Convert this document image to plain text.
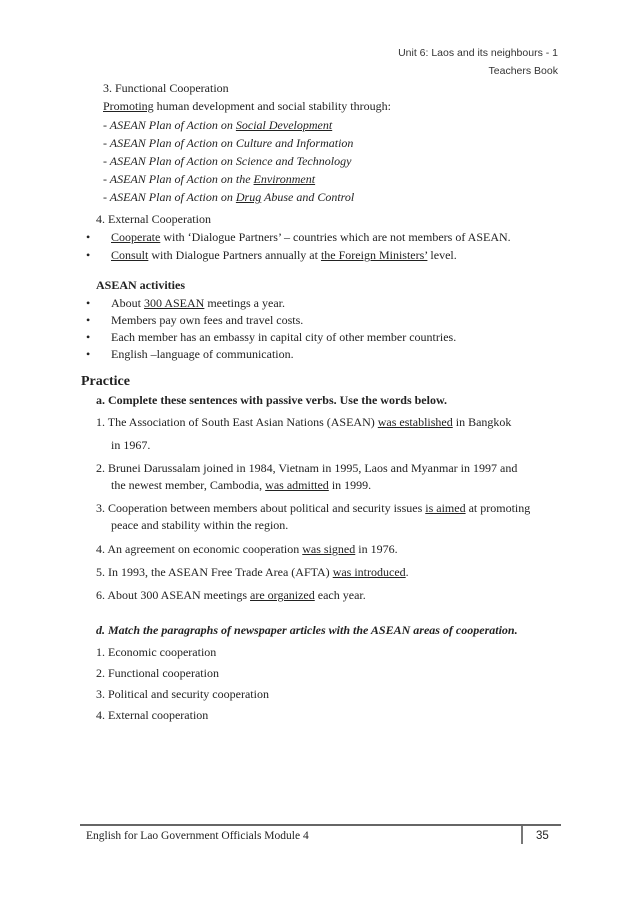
Unit 6: Laos and its neighbours - 1
Teachers Book
3. Functional Cooperation
Promoting human development and social stability through:
- ASEAN Plan of Action on Social Development
- ASEAN Plan of Action on Culture and Information
- ASEAN Plan of Action on Science and Technology
- ASEAN Plan of Action on the Environment
- ASEAN Plan of Action on Drug Abuse and Control
4. External Cooperation
• Cooperate with ‘Dialogue Partners’ – countries which are not members of ASEAN.
• Consult with Dialogue Partners annually at the Foreign Ministers’ level.
ASEAN activities
• About 300 ASEAN meetings a year.
• Members pay own fees and travel costs.
• Each member has an embassy in capital city of other member countries.
• English –language of communication.
Practice
a. Complete these sentences with passive verbs. Use the words below.
1. The Association of South East Asian Nations (ASEAN) was established in Bangkok
in 1967.
2. Brunei Darussalam joined in 1984, Vietnam in 1995, Laos and Myanmar in 1997 and
the newest member, Cambodia, was admitted in 1999.
3. Cooperation between members about political and security issues is aimed at promoting
peace and stability within the region.
4. An agreement on economic cooperation was signed in 1976.
5. In 1993, the ASEAN Free Trade Area (AFTA) was introduced.
6. About 300 ASEAN meetings are organized each year.
d. Match the paragraphs of newspaper articles with the ASEAN areas of cooperation.
1. Economic cooperation
2. Functional cooperation
3. Political and security cooperation
4. External cooperation
English for Lao Government Officials Module 4	35
